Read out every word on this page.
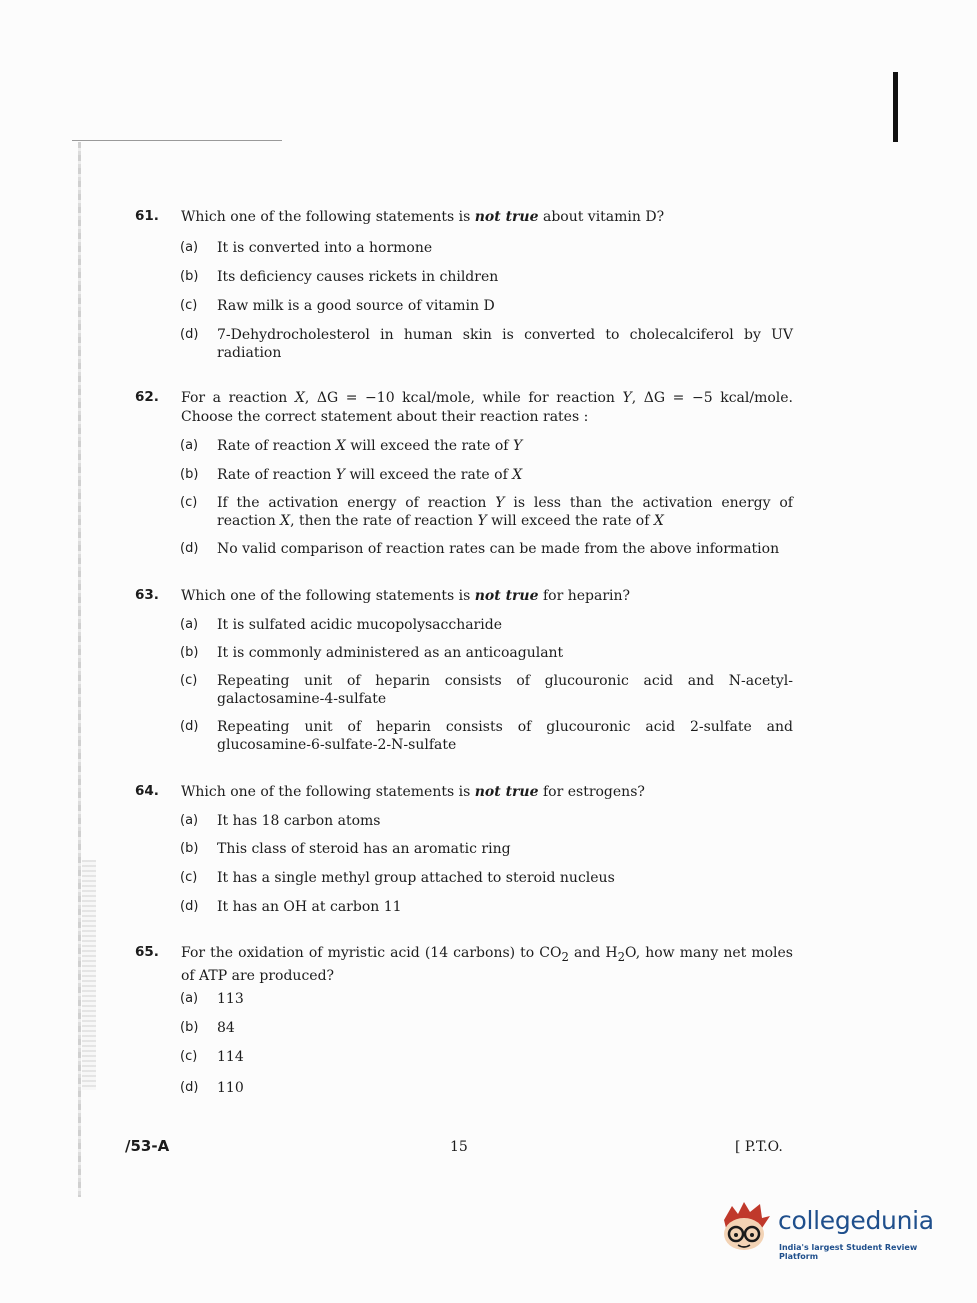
61. Which one of the following statements is not true about vitamin D?
(a) It is converted into a hormone
(b) Its deficiency causes rickets in children
(c) Raw milk is a good source of vitamin D
(d) 7-Dehydrocholesterol in human skin is converted to cholecalciferol by UV radiation
62. For a reaction X, ΔG = −10 kcal/mole, while for reaction Y, ΔG = −5 kcal/mole. Choose the correct statement about their reaction rates :
(a) Rate of reaction X will exceed the rate of Y
(b) Rate of reaction Y will exceed the rate of X
(c) If the activation energy of reaction Y is less than the activation energy of reaction X, then the rate of reaction Y will exceed the rate of X
(d) No valid comparison of reaction rates can be made from the above information
63. Which one of the following statements is not true for heparin?
(a) It is sulfated acidic mucopolysaccharide
(b) It is commonly administered as an anticoagulant
(c) Repeating unit of heparin consists of glucouronic acid and N-acetyl-galactosamine-4-sulfate
(d) Repeating unit of heparin consists of glucouronic acid 2-sulfate and glucosamine-6-sulfate-2-N-sulfate
64. Which one of the following statements is not true for estrogens?
(a) It has 18 carbon atoms
(b) This class of steroid has an aromatic ring
(c) It has a single methyl group attached to steroid nucleus
(d) It has an OH at carbon 11
65. For the oxidation of myristic acid (14 carbons) to $CO_2$ and $H_2O$, how many net moles of ATP are produced?
(a) 113
(b) 84
(c) 114
(d) 110
/53-A	15	[ P.T.O.
collegedunia
India's largest Student Review Platform
